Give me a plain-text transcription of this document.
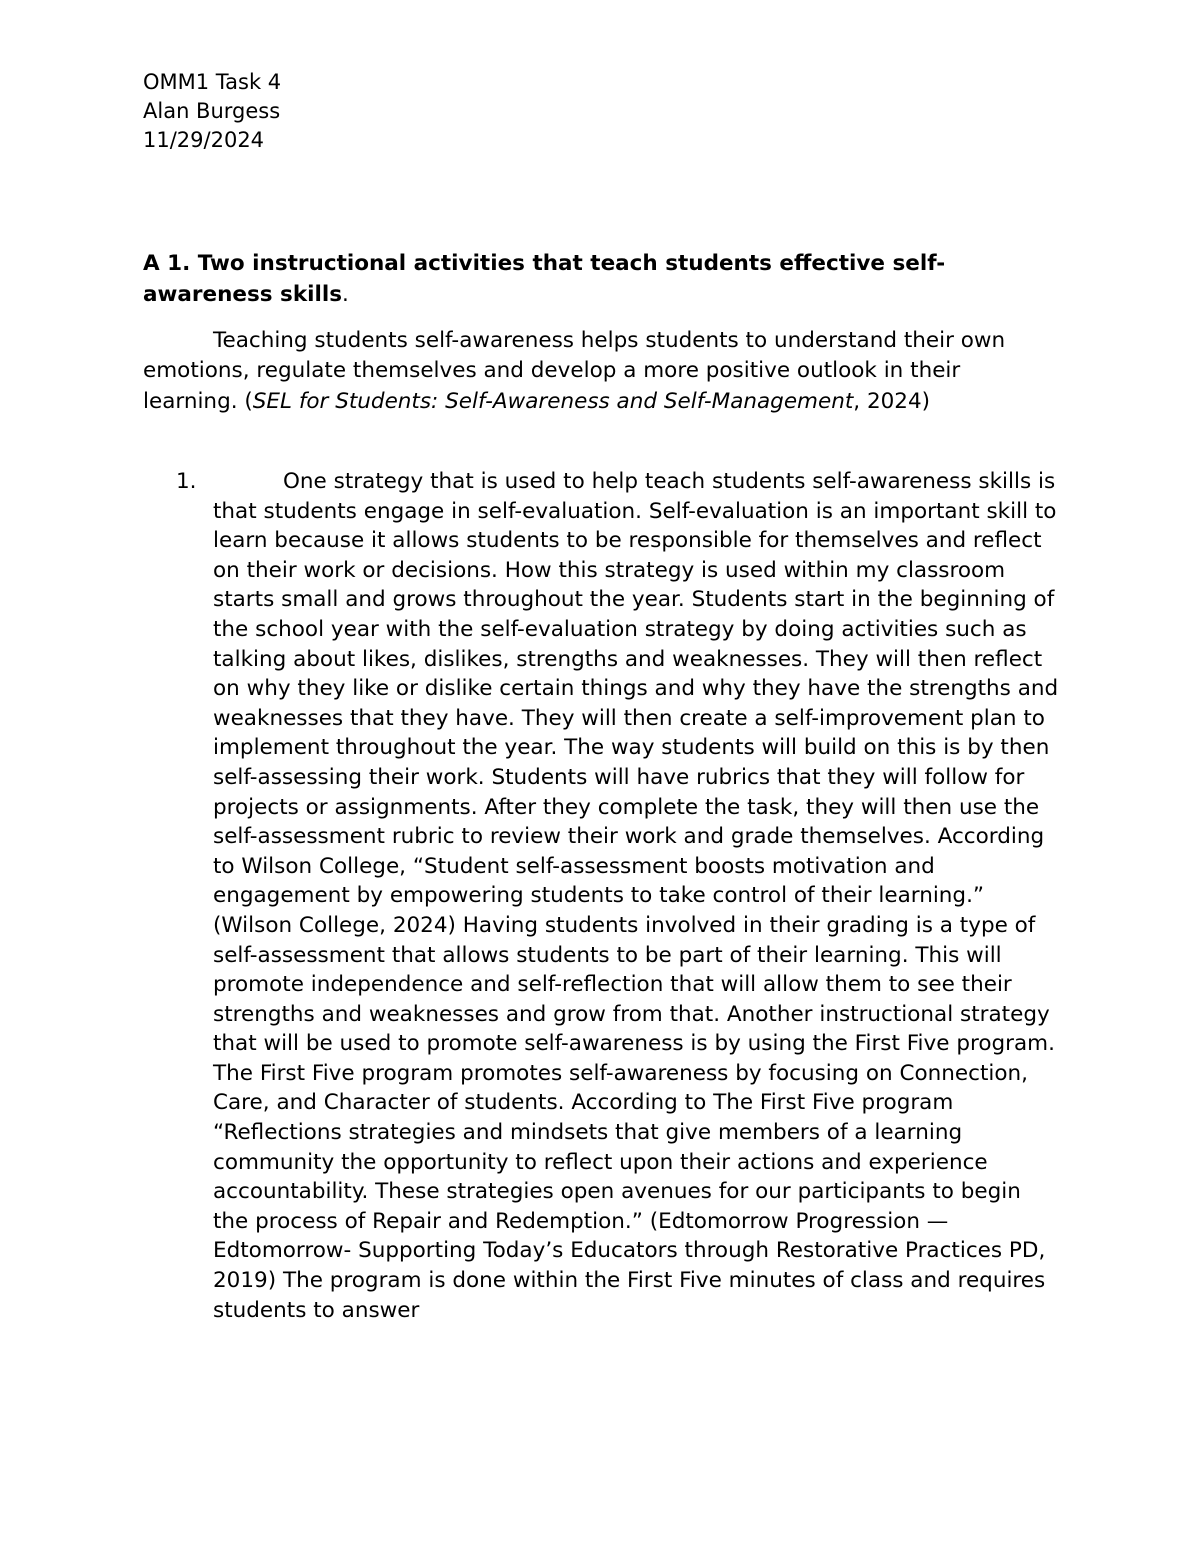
OMM1 Task 4
Alan Burgess
11/29/2024
A 1. Two instructional activities that teach students effective self-awareness skills.
Teaching students self-awareness helps students to understand their own emotions, regulate themselves and develop a more positive outlook in their learning. (SEL for Students: Self-Awareness and Self-Management, 2024)
1.	One strategy that is used to help teach students self-awareness skills is that students engage in self-evaluation. Self-evaluation is an important skill to learn because it allows students to be responsible for themselves and reflect on their work or decisions. How this strategy is used within my classroom starts small and grows throughout the year. Students start in the beginning of the school year with the self-evaluation strategy by doing activities such as talking about likes, dislikes, strengths and weaknesses. They will then reflect on why they like or dislike certain things and why they have the strengths and weaknesses that they have. They will then create a self-improvement plan to implement throughout the year. The way students will build on this is by then self-assessing their work. Students will have rubrics that they will follow for projects or assignments. After they complete the task, they will then use the self-assessment rubric to review their work and grade themselves. According to Wilson College, “Student self-assessment boosts motivation and engagement by empowering students to take control of their learning.” (Wilson College, 2024) Having students involved in their grading is a type of self-assessment that allows students to be part of their learning. This will promote independence and self-reflection that will allow them to see their strengths and weaknesses and grow from that. Another instructional strategy that will be used to promote self-awareness is by using the First Five program. The First Five program promotes self-awareness by focusing on Connection, Care, and Character of students. According to The First Five program “Reflections strategies and mindsets that give members of a learning community the opportunity to reflect upon their actions and experience accountability. These strategies open avenues for our participants to begin the process of Repair and Redemption.” (Edtomorrow Progression — Edtomorrow- Supporting Today’s Educators through Restorative Practices PD, 2019) The program is done within the First Five minutes of class and requires students to answer
